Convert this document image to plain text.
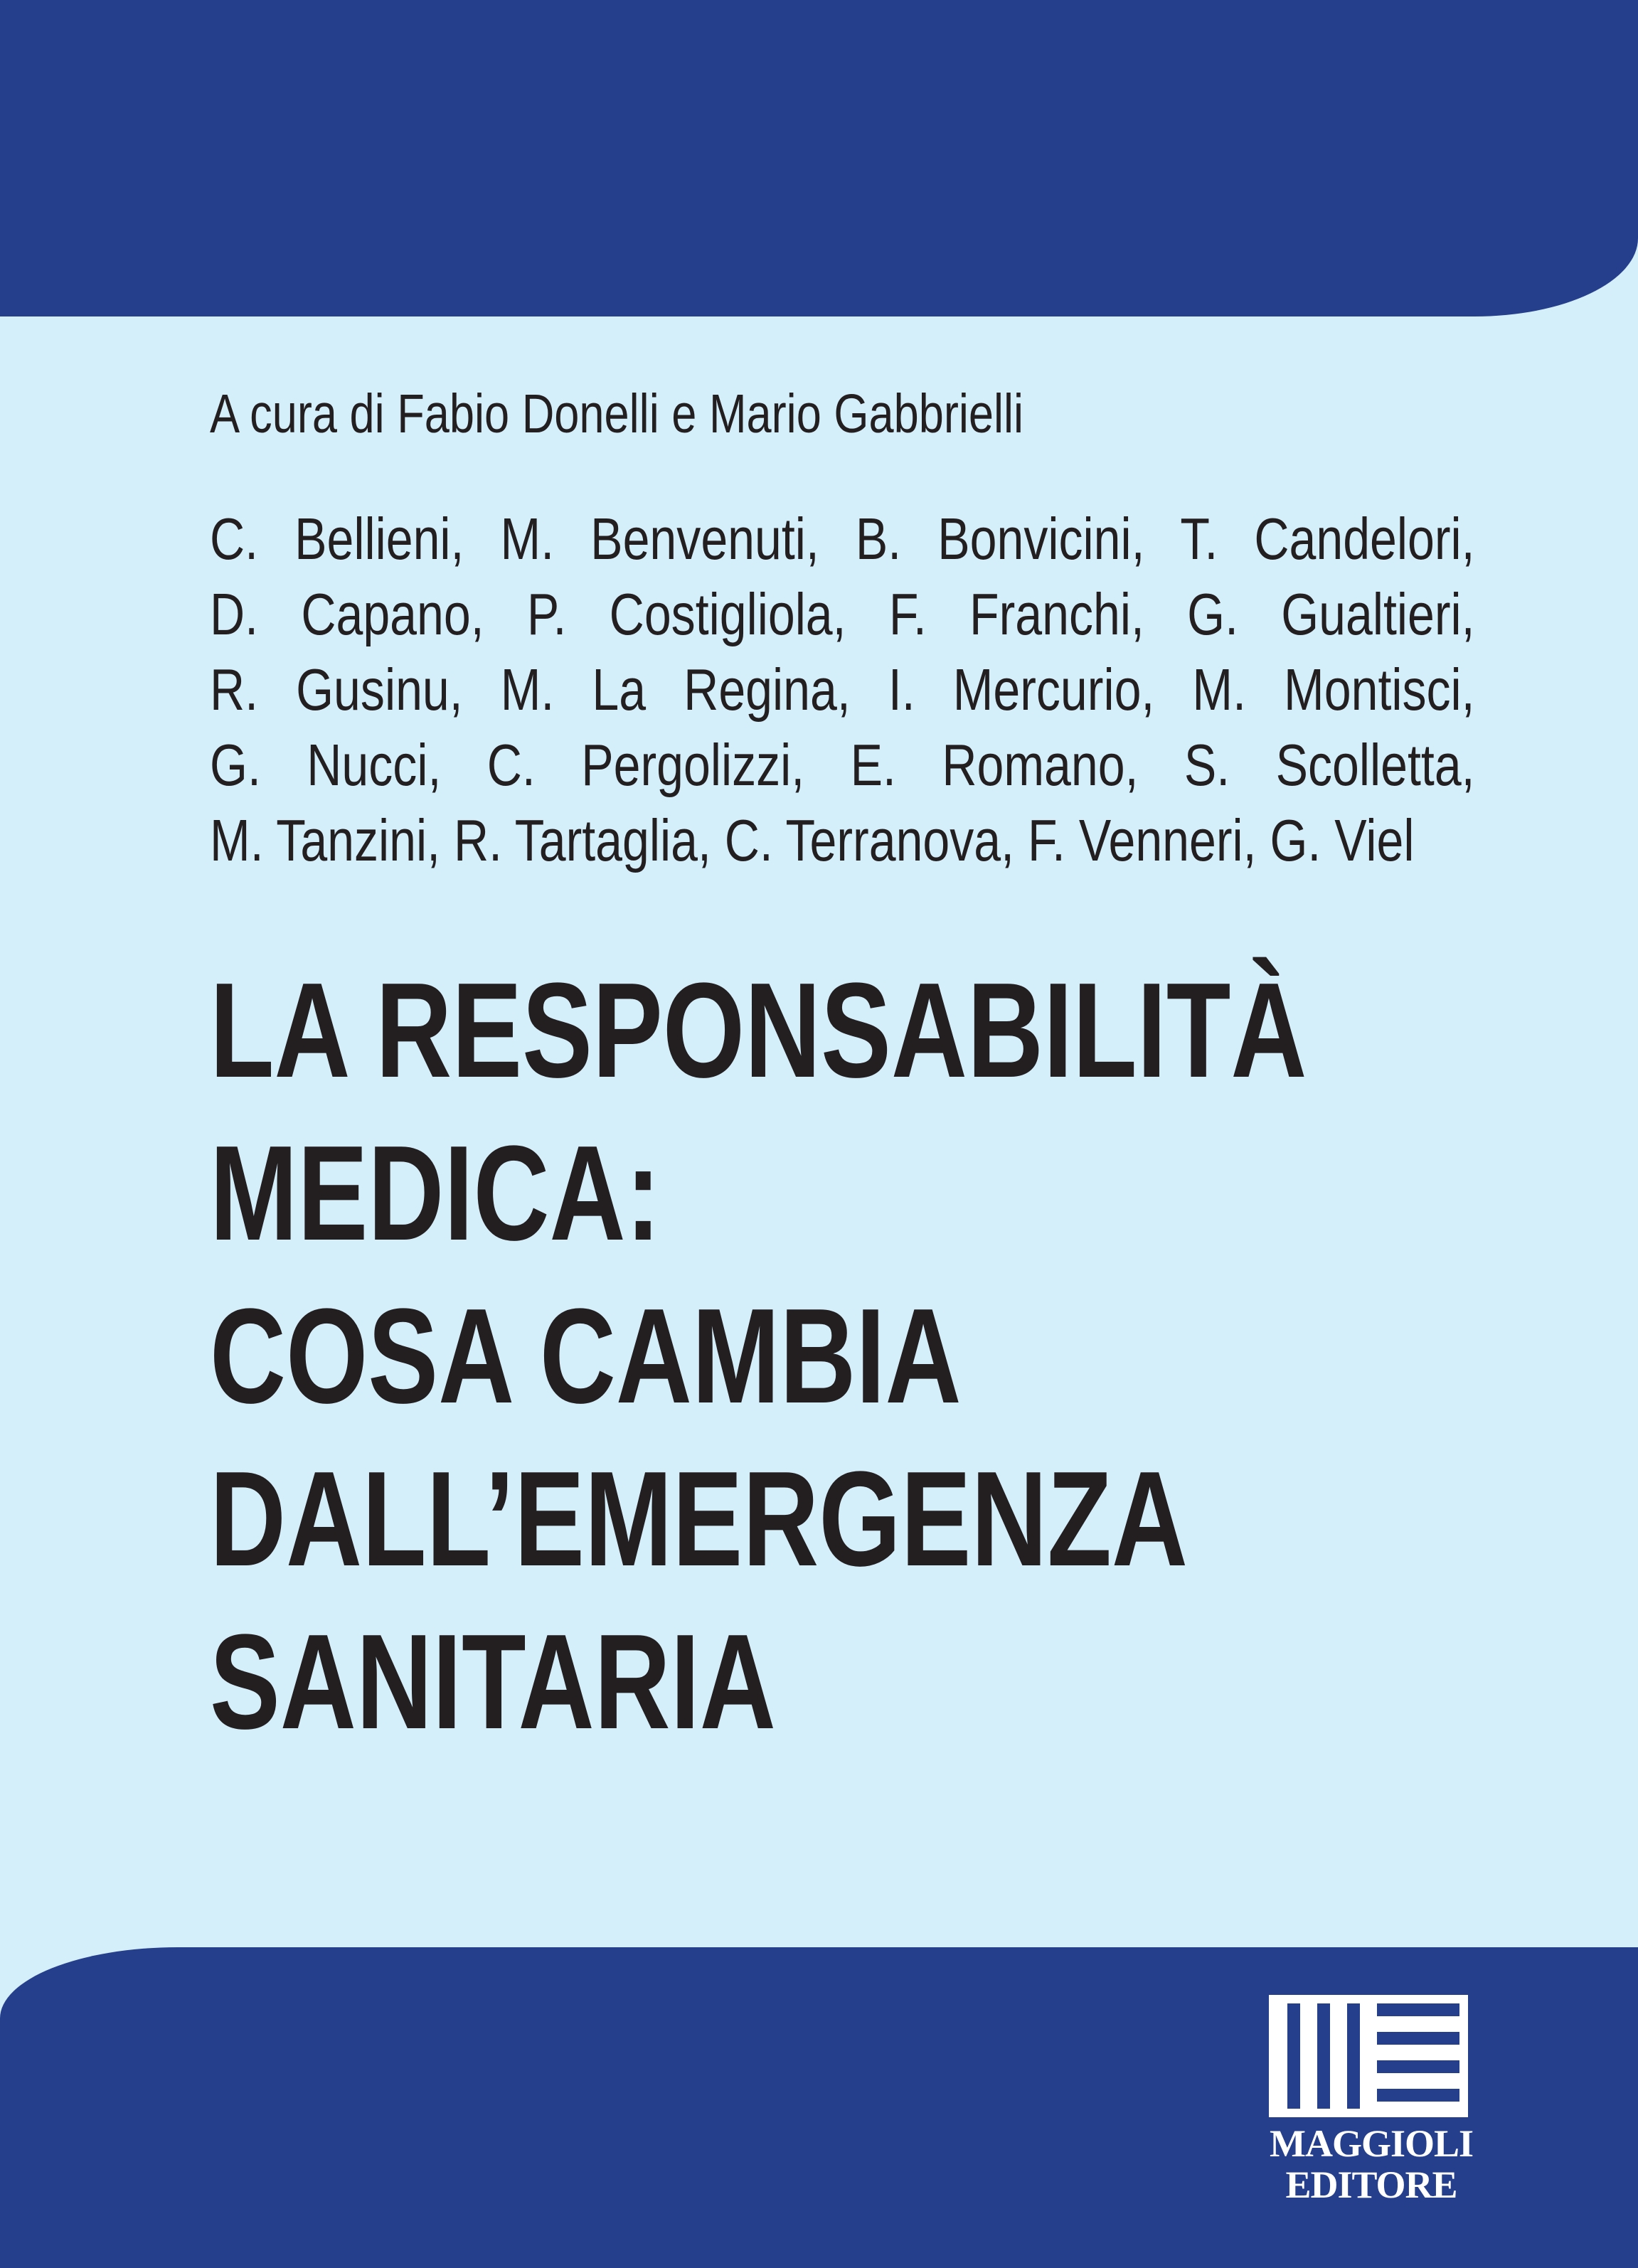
A cura di Fabio Donelli e Mario Gabbrielli
C. Bellieni, M. Benvenuti, B. Bonvicini, T. Candelori,
D. Capano, P. Costigliola, F. Franchi, G. Gualtieri,
R. Gusinu, M. La Regina, I. Mercurio, M. Montisci,
G. Nucci, C. Pergolizzi, E. Romano, S. Scolletta,
M. Tanzini, R. Tartaglia, C. Terranova, F. Venneri, G. Viel
LA RESPONSABILITÀ
MEDICA:
COSA CAMBIA
DALL’EMERGENZA
SANITARIA
MAGGIOLI
EDITORE
